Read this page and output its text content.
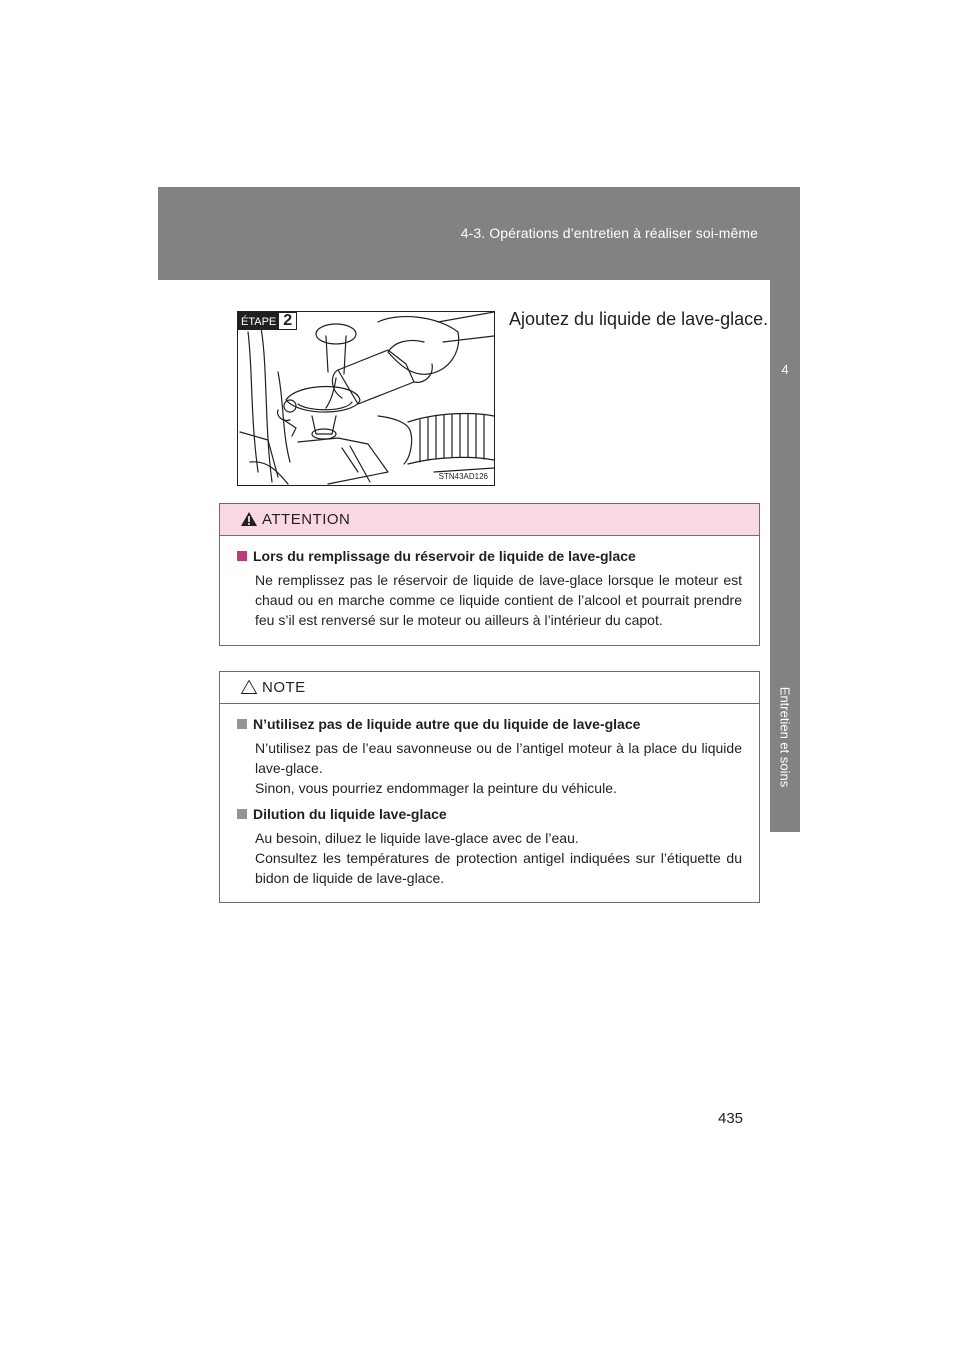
4-3. Opérations d’entretien à réaliser soi-même
4
Entretien et soins
ÉTAPE 2
STN43AD126
Ajoutez du liquide de lave-glace.
ATTENTION
Lors du remplissage du réservoir de liquide de lave-glace

Ne remplissez pas le réservoir de liquide de lave-glace lorsque le moteur est chaud ou en marche comme ce liquide contient de l’alcool et pourrait prendre feu s’il est renversé sur le moteur ou ailleurs à l’intérieur du capot.

NOTE
N’utilisez pas de liquide autre que du liquide de lave-glace

N’utilisez pas de l’eau savonneuse ou de l’antigel moteur à la place du liquide lave-glace.

Sinon, vous pourriez endommager la peinture du véhicule.

Dilution du liquide lave-glace

Au besoin, diluez le liquide lave-glace avec de l’eau.

Consultez les températures de protection antigel indiquées sur l’étiquette du bidon de liquide de lave-glace.

435
